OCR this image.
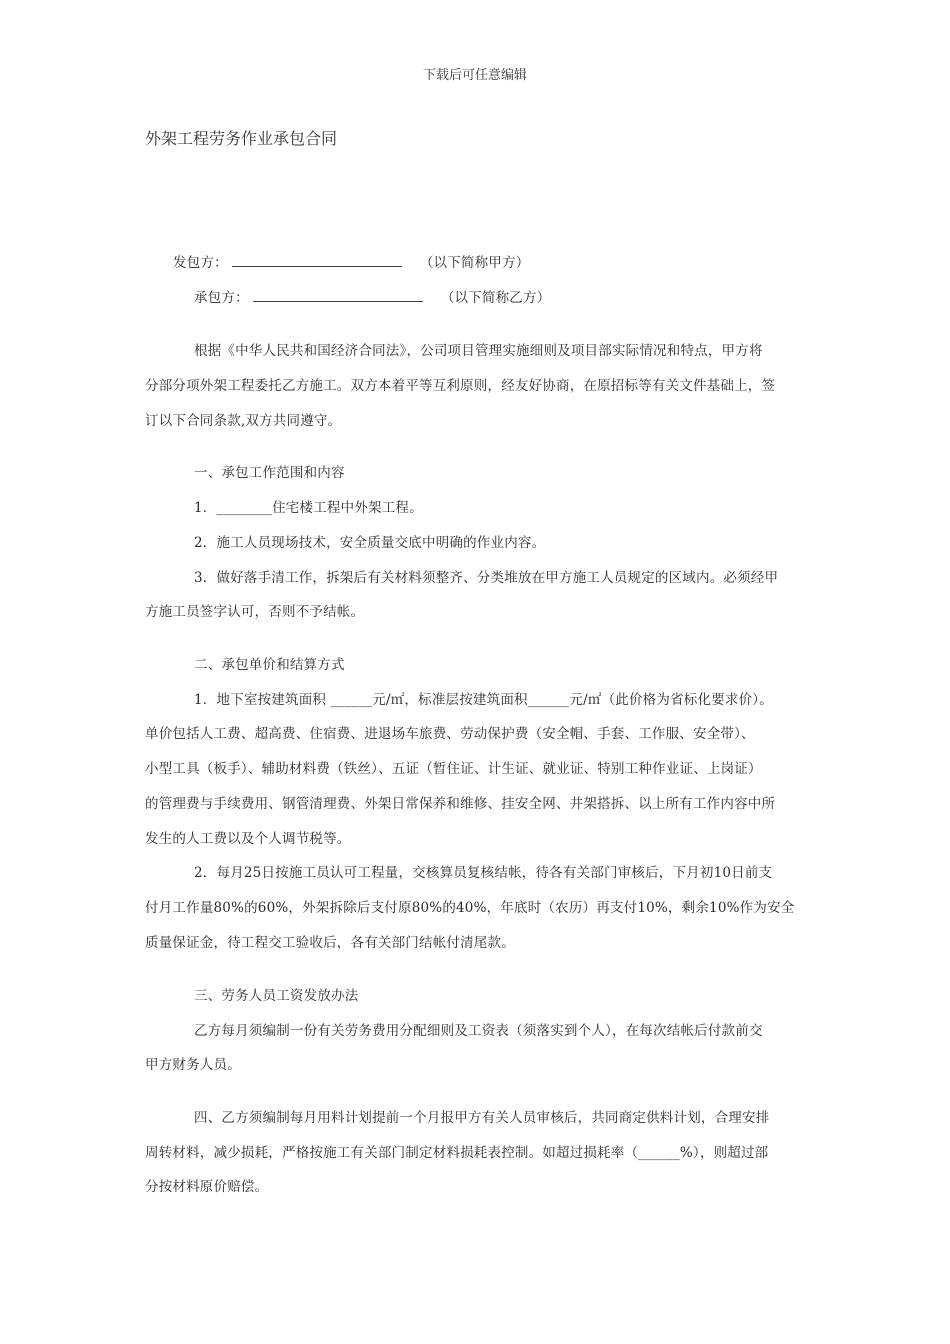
下载后可任意编辑
外架工程劳务作业承包合同
发包方：	（以下简称甲方）
承包方：	（以下简称乙方）
根据《中华人民共和国经济合同法》，公司项目管理实施细则及项目部实际情况和特点，甲方将
分部分项外架工程委托乙方施工。双方本着平等互利原则，经友好协商，在原招标等有关文件基础上，签
订以下合同条款,双方共同遵守。
一、承包工作范围和内容
1．________住宅楼工程中外架工程。
2．施工人员现场技术，安全质量交底中明确的作业内容。
3．做好落手清工作，拆架后有关材料须整齐、分类堆放在甲方施工人员规定的区域内。必须经甲
方施工员签字认可，否则不予结帐。
二、承包单价和结算方式
1．地下室按建筑面积 ______元/㎡，标准层按建筑面积______元/㎡（此价格为省标化要求价）。
单价包括人工费、超高费、住宿费、进退场车旅费、劳动保护费（安全帽、手套、工作服、安全带）、
小型工具（板手）、辅助材料费（铁丝）、五证（暂住证、计生证、就业证、特别工种作业证、上岗证）
的管理费与手续费用、钢管清理费、外架日常保养和维修、挂安全网、井架搭拆、以上所有工作内容中所
发生的人工费以及个人调节税等。
2．每月25日按施工员认可工程量，交核算员复核结帐，待各有关部门审核后，下月初10日前支
付月工作量80%的60%，外架拆除后支付原80%的40%，年底时（农历）再支付10%，剩余10%作为安全
质量保证金，待工程交工验收后，各有关部门结帐付清尾款。
三、劳务人员工资发放办法
乙方每月须编制一份有关劳务费用分配细则及工资表（须落实到个人），在每次结帐后付款前交
甲方财务人员。
四、乙方须编制每月用料计划提前一个月报甲方有关人员审核后，共同商定供料计划，合理安排
周转材料，减少损耗，严格按施工有关部门制定材料损耗表控制。如超过损耗率（______%），则超过部
分按材料原价赔偿。
